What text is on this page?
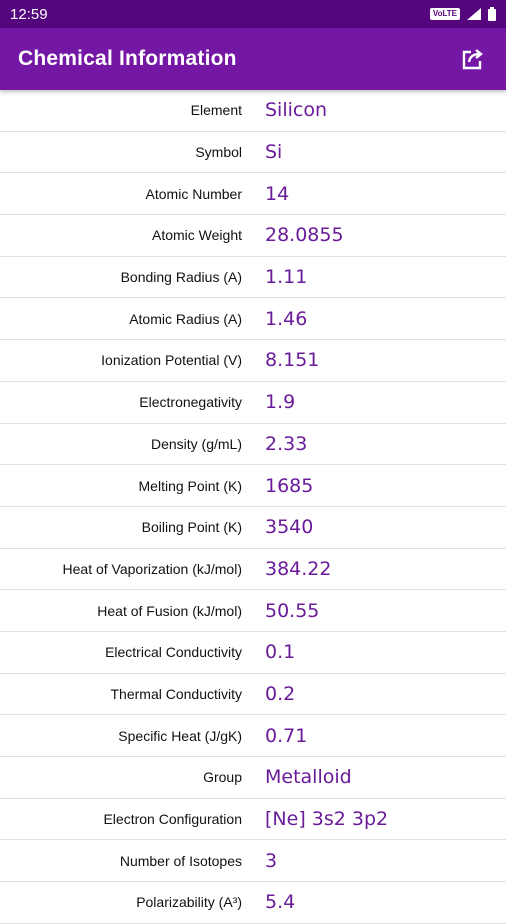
12:59	VoLTE
Chemical Information
Element Silicon
Symbol Si
Atomic Number 14
Atomic Weight 28.0855
Bonding Radius (A) 1.11
Atomic Radius (A) 1.46
Ionization Potential (V) 8.151
Electronegativity 1.9
Density (g/mL) 2.33
Melting Point (K) 1685
Boiling Point (K) 3540
Heat of Vaporization (kJ/mol) 384.22
Heat of Fusion (kJ/mol) 50.55
Electrical Conductivity 0.1
Thermal Conductivity 0.2
Specific Heat (J/gK) 0.71
Group Metalloid
Electron Configuration [Ne] 3s2 3p2
Number of Isotopes 3
Polarizability (A³) 5.4
